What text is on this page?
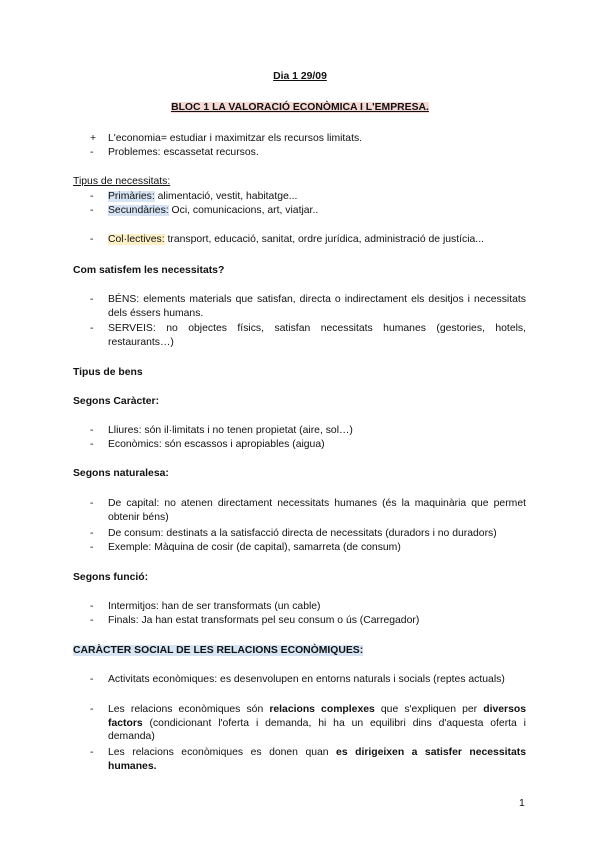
Dia 1 29/09
BLOC 1 LA VALORACIÓ ECONÒMICA I L'EMPRESA.
+	L'economia= estudiar i maximitzar els recursos limitats.
-	Problemes: escassetat recursos.
Tipus de necessitats:
-	Primàries: alimentació, vestit, habitatge...
-	Secundàries: Oci, comunicacions, art, viatjar..
-	Col·lectives: transport, educació, sanitat, ordre jurídica, administració de justícia...
Com satisfem les necessitats?
-	BÉNS: elements materials que satisfan, directa o indirectament els desitjos i necessitats dels éssers humans.
-	SERVEIS: no objectes físics, satisfan necessitats humanes (gestories, hotels, restaurants…)
Tipus de bens
Segons Caràcter:
-	Lliures: són il·limitats i no tenen propietat (aire, sol…)
-	Econòmics: són escassos i apropiables (aigua)
Segons naturalesa:
-	De capital: no atenen directament necessitats humanes (és la maquinària que permet obtenir béns)
-	De consum: destinats a la satisfacció directa de necessitats (duradors i no duradors)
-	Exemple: Màquina de cosir (de capital), samarreta (de consum)
Segons funció:
-	Intermitjos: han de ser transformats (un cable)
-	Finals: Ja han estat transformats pel seu consum o ús (Carregador)
CARÀCTER SOCIAL DE LES RELACIONS ECONÒMIQUES:
-	Activitats econòmiques: es desenvolupen en entorns naturals i socials (reptes actuals)
-	Les relacions econòmiques són relacions complexes que s'expliquen per diversos factors (condicionant l'oferta i demanda, hi ha un equilibri dins d'aquesta oferta i demanda)
-	Les relacions econòmiques es donen quan es dirigeixen a satisfer necessitats humanes.
1
